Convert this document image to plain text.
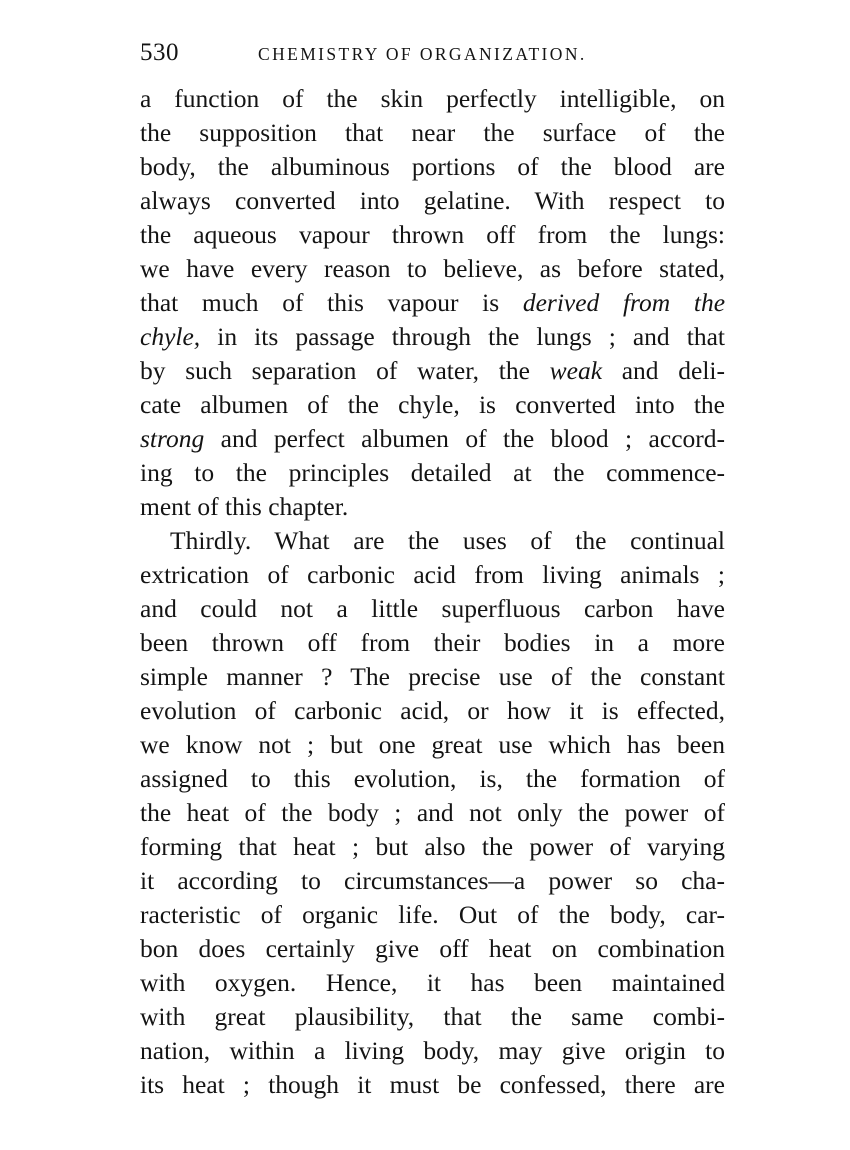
530	CHEMISTRY OF ORGANIZATION.
a function of the skin perfectly intelligible, on
the supposition that near the surface of the
body, the albuminous portions of the blood are
always converted into gelatine. With respect to
the aqueous vapour thrown off from the lungs:
we have every reason to believe, as before stated,
that much of this vapour is derived from the
chyle, in its passage through the lungs ; and that
by such separation of water, the weak and deli-
cate albumen of the chyle, is converted into the
strong and perfect albumen of the blood ; accord-
ing to the principles detailed at the commence-
ment of this chapter.
Thirdly. What are the uses of the continual
extrication of carbonic acid from living animals ;
and could not a little superfluous carbon have
been thrown off from their bodies in a more
simple manner ? The precise use of the constant
evolution of carbonic acid, or how it is effected,
we know not ; but one great use which has been
assigned to this evolution, is, the formation of
the heat of the body ; and not only the power of
forming that heat ; but also the power of varying
it according to circumstances—a power so cha-
racteristic of organic life. Out of the body, car-
bon does certainly give off heat on combination
with oxygen. Hence, it has been maintained
with great plausibility, that the same combi-
nation, within a living body, may give origin to
its heat ; though it must be confessed, there are
